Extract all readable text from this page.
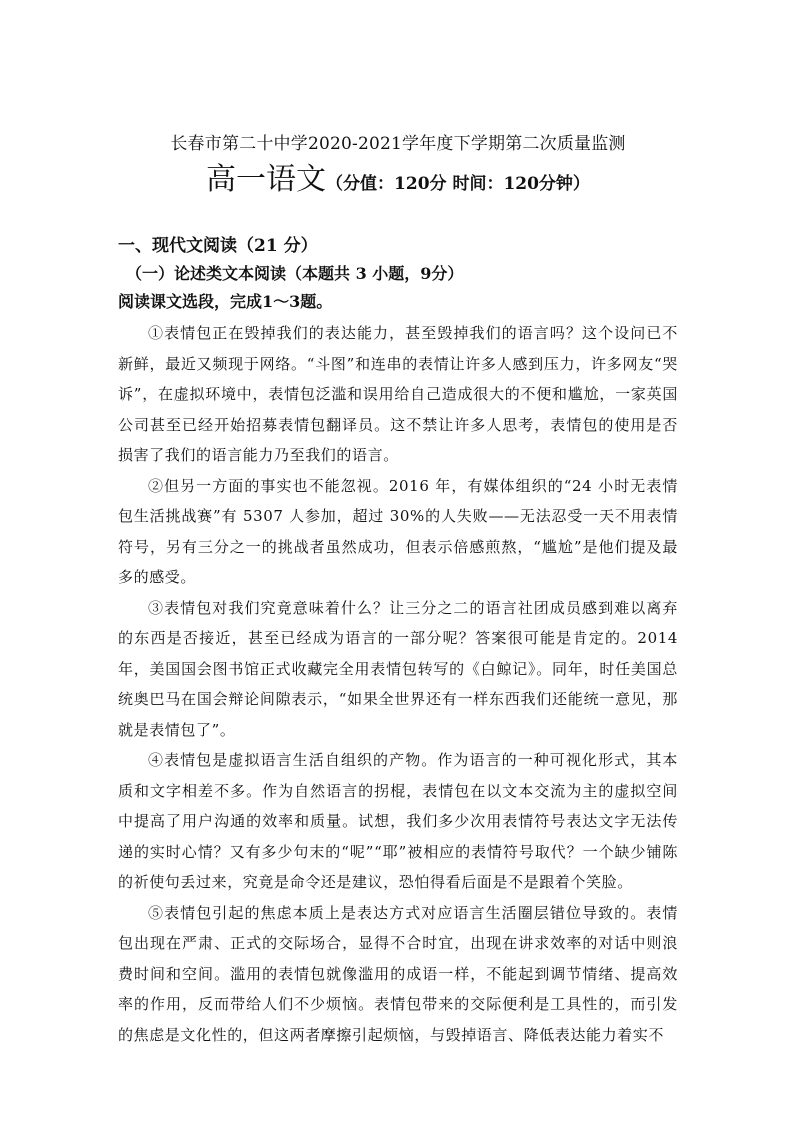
长春市第二十中学2020-2021学年度下学期第二次质量监测
高一语文（分值：120分 时间：120分钟）
一、现代文阅读（21 分）
（一）论述类文本阅读（本题共 3 小题，9分）
阅读课文选段，完成1～3题。

①表情包正在毁掉我们的表达能力，甚至毁掉我们的语言吗？这个设问已不新鲜，最近又频现于网络。“斗图”和连串的表情让许多人感到压力，许多网友“哭诉”，在虚拟环境中，表情包泛滥和误用给自己造成很大的不便和尴尬，一家英国公司甚至已经开始招募表情包翻译员。这不禁让许多人思考，表情包的使用是否损害了我们的语言能力乃至我们的语言。

②但另一方面的事实也不能忽视。2016 年，有媒体组织的“24 小时无表情包生活挑战赛”有 5307 人参加，超过 30%的人失败——无法忍受一天不用表情符号，另有三分之一的挑战者虽然成功，但表示倍感煎熬，“尴尬”是他们提及最多的感受。

③表情包对我们究竟意味着什么？让三分之二的语言社团成员感到难以离弃的东西是否接近，甚至已经成为语言的一部分呢？答案很可能是肯定的。2014年，美国国会图书馆正式收藏完全用表情包转写的《白鲸记》。同年，时任美国总统奥巴马在国会辩论间隙表示，“如果全世界还有一样东西我们还能统一意见，那就是表情包了”。

④表情包是虚拟语言生活自组织的产物。作为语言的一种可视化形式，其本质和文字相差不多。作为自然语言的拐棍，表情包在以文本交流为主的虚拟空间中提高了用户沟通的效率和质量。试想，我们多少次用表情符号表达文字无法传递的实时心情？又有多少句末的“呢”“耶”被相应的表情符号取代？一个缺少铺陈的祈使句丢过来，究竟是命令还是建议，恐怕得看后面是不是跟着个笑脸。

⑤表情包引起的焦虑本质上是表达方式对应语言生活圈层错位导致的。表情包出现在严肃、正式的交际场合，显得不合时宜，出现在讲求效率的对话中则浪费时间和空间。滥用的表情包就像滥用的成语一样，不能起到调节情绪、提高效率的作用，反而带给人们不少烦恼。表情包带来的交际便利是工具性的，而引发的焦虑是文化性的，但这两者摩擦引起烦恼，与毁掉语言、降低表达能力着实不
